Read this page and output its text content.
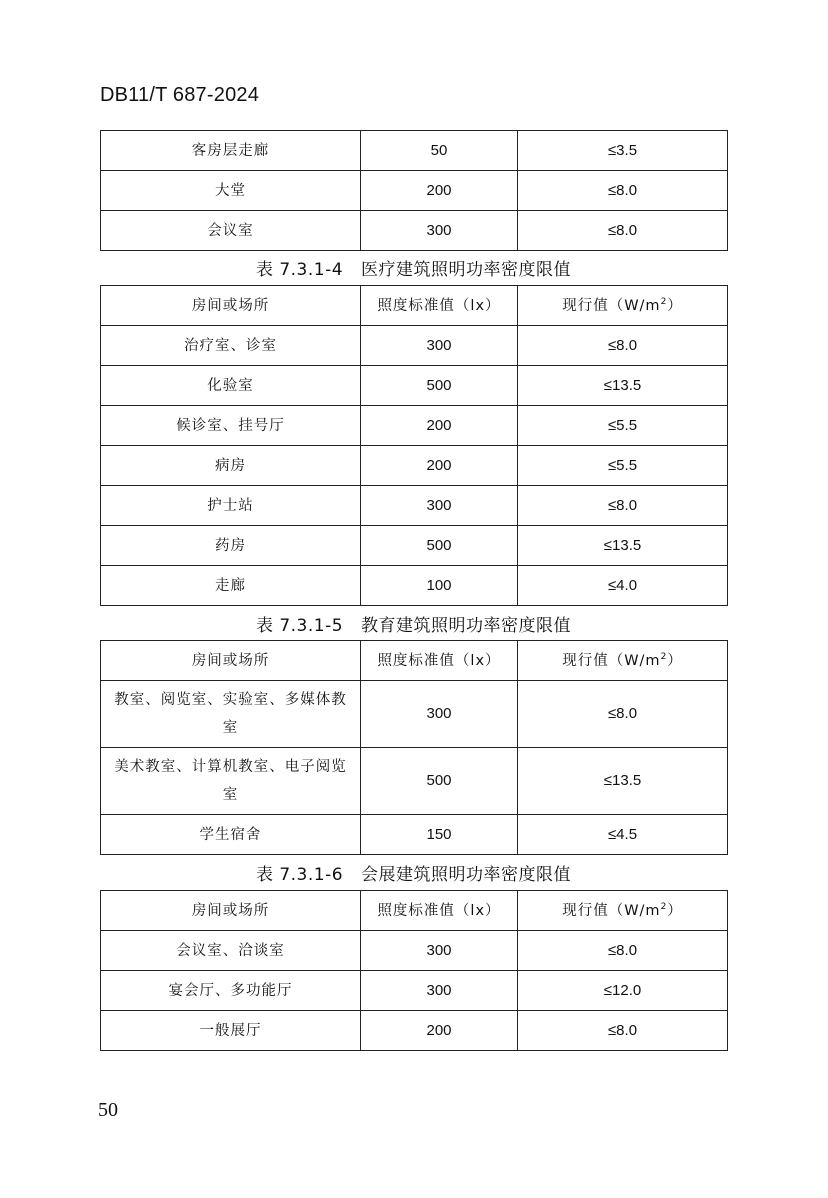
DB11/T 687-2024
客房层走廊	50	≤3.5
大堂	200	≤8.0
会议室	300	≤8.0
表 7.3.1-4 医疗建筑照明功率密度限值
房间或场所	照度标准值（lx）	现行值$(W/m^2)$
治疗室、诊室	300	≤8.0
化验室	500	≤13.5
候诊室、挂号厅	200	≤5.5
病房	200	≤5.5
护士站	300	≤8.0
药房	500	≤13.5
走廊	100	≤4.0
表 7.3.1-5 教育建筑照明功率密度限值
房间或场所	照度标准值（lx）	现行值$(W/m^2)$
教室、阅览室、实验室、多媒体教室	300	≤8.0
美术教室、计算机教室、电子阅览室	500	≤13.5
学生宿舍	150	≤4.5
表 7.3.1-6 会展建筑照明功率密度限值
房间或场所	照度标准值（lx）	现行值$(W/m^2)$
会议室、洽谈室	300	≤8.0
宴会厅、多功能厅	300	≤12.0
一般展厅	200	≤8.0
50
